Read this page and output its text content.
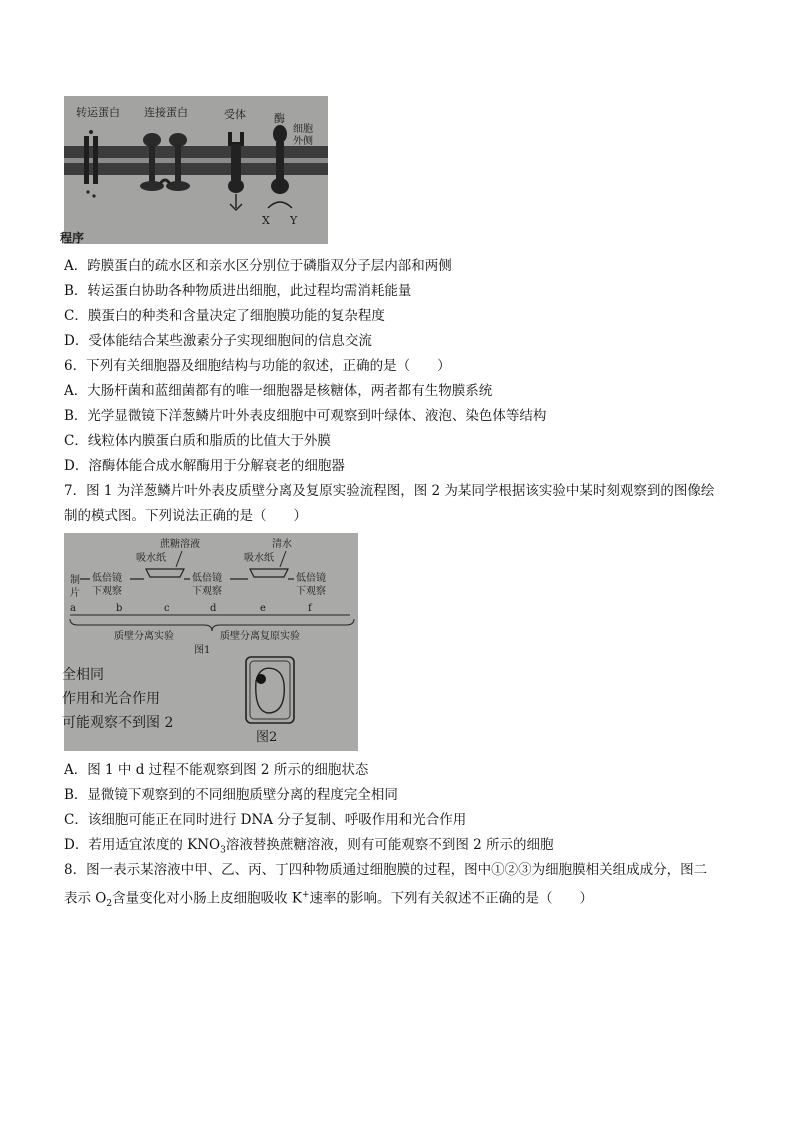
X Y
转运蛋白 连接蛋白	受体	酶
细胞
外侧
程序
A．跨膜蛋白的疏水区和亲水区分别位于磷脂双分子层内部和两侧
B．转运蛋白协助各种物质进出细胞，此过程均需消耗能量
C．膜蛋白的种类和含量决定了细胞膜功能的复杂程度
D．受体能结合某些激素分子实现细胞间的信息交流
6．下列有关细胞器及细胞结构与功能的叙述，正确的是（　　）
A．大肠杆菌和蓝细菌都有的唯一细胞器是核糖体，两者都有生物膜系统
B．光学显微镜下洋葱鳞片叶外表皮细胞中可观察到叶绿体、液泡、染色体等结构
C．线粒体内膜蛋白质和脂质的比值大于外膜
D．溶酶体能合成水解酶用于分解衰老的细胞器
7．图 1 为洋葱鳞片叶外表皮质壁分离及复原实验流程图，图 2 为某同学根据该实验中某时刻观察到的图像绘
制的模式图。下列说法正确的是（　　）
蔗糖溶液	清水
吸水纸	吸水纸
制
片
低倍镜
下观察
低倍镜
下观察
低倍镜
下观察
a	b	c	d	e	f
质壁分离实验	质壁分离复原实验
图1
全相同
作用和光合作用
可能观察不到图 2
图2
A．图 1 中 d 过程不能观察到图 2 所示的细胞状态
B．显微镜下观察到的不同细胞质壁分离的程度完全相同
C．该细胞可能正在同时进行 DNA 分子复制、呼吸作用和光合作用
D．若用适宜浓度的 $KNO_3$溶液替换蔗糖溶液，则有可能观察不到图 2 所示的细胞
8．图一表示某溶液中甲、乙、丙、丁四种物质通过细胞膜的过程，图中①②③为细胞膜相关组成成分，图二
表示 $O_2$含量变化对小肠上皮细胞吸收 K+速率的影响。下列有关叙述不正确的是（　　）
